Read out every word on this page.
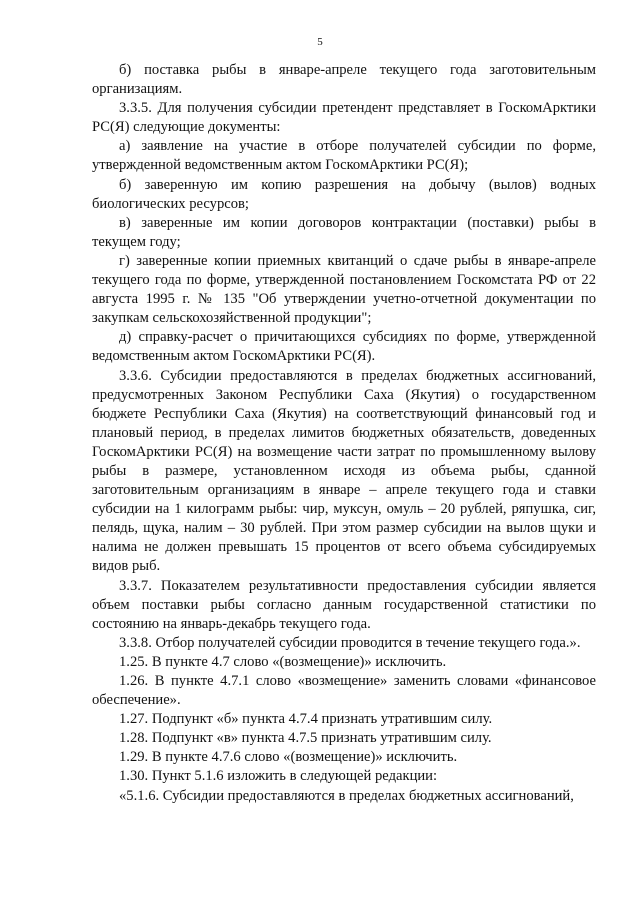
5

б) поставка рыбы в январе-апреле текущего года заготовительным организациям.

3.3.5. Для получения субсидии претендент представляет в ГоскомАрктики РС(Я) следующие документы:

а) заявление на участие в отборе получателей субсидии по форме, утвержденной ведомственным актом ГоскомАрктики РС(Я);

б) заверенную им копию разрешения на добычу (вылов) водных биологических ресурсов;

в) заверенные им копии договоров контрактации (поставки) рыбы в текущем году;

г) заверенные копии приемных квитанций о сдаче рыбы в январе-апреле текущего года по форме, утвержденной постановлением Госкомстата РФ от 22 августа 1995 г. № 135 "Об утверждении учетно-отчетной документации по закупкам сельскохозяйственной продукции";

д) справку-расчет о причитающихся субсидиях по форме, утвержденной ведомственным актом ГоскомАрктики РС(Я).

3.3.6. Субсидии предоставляются в пределах бюджетных ассигнований, предусмотренных Законом Республики Саха (Якутия) о государственном бюджете Республики Саха (Якутия) на соответствующий финансовый год и плановый период, в пределах лимитов бюджетных обязательств, доведенных ГоскомАрктики РС(Я) на возмещение части затрат по промышленному вылову рыбы в размере, установленном исходя из объема рыбы, сданной заготовительным организациям в январе – апреле текущего года и ставки субсидии на 1 килограмм рыбы: чир, муксун, омуль – 20 рублей, ряпушка, сиг, пелядь, щука, налим – 30 рублей. При этом размер субсидии на вылов щуки и налима не должен превышать 15 процентов от всего объема субсидируемых видов рыб.

3.3.7. Показателем результативности предоставления субсидии является объем поставки рыбы согласно данным государственной статистики по состоянию на январь-декабрь текущего года.

3.3.8. Отбор получателей субсидии проводится в течение текущего года.».

1.25. В пункте 4.7 слово «(возмещение)» исключить.

1.26. В пункте 4.7.1 слово «возмещение» заменить словами «финансовое обеспечение».

1.27. Подпункт «б» пункта 4.7.4 признать утратившим силу.

1.28. Подпункт «в» пункта 4.7.5 признать утратившим силу.

1.29. В пункте 4.7.6 слово «(возмещение)» исключить.

1.30. Пункт 5.1.6 изложить в следующей редакции:

«5.1.6. Субсидии предоставляются в пределах бюджетных ассигнований,
